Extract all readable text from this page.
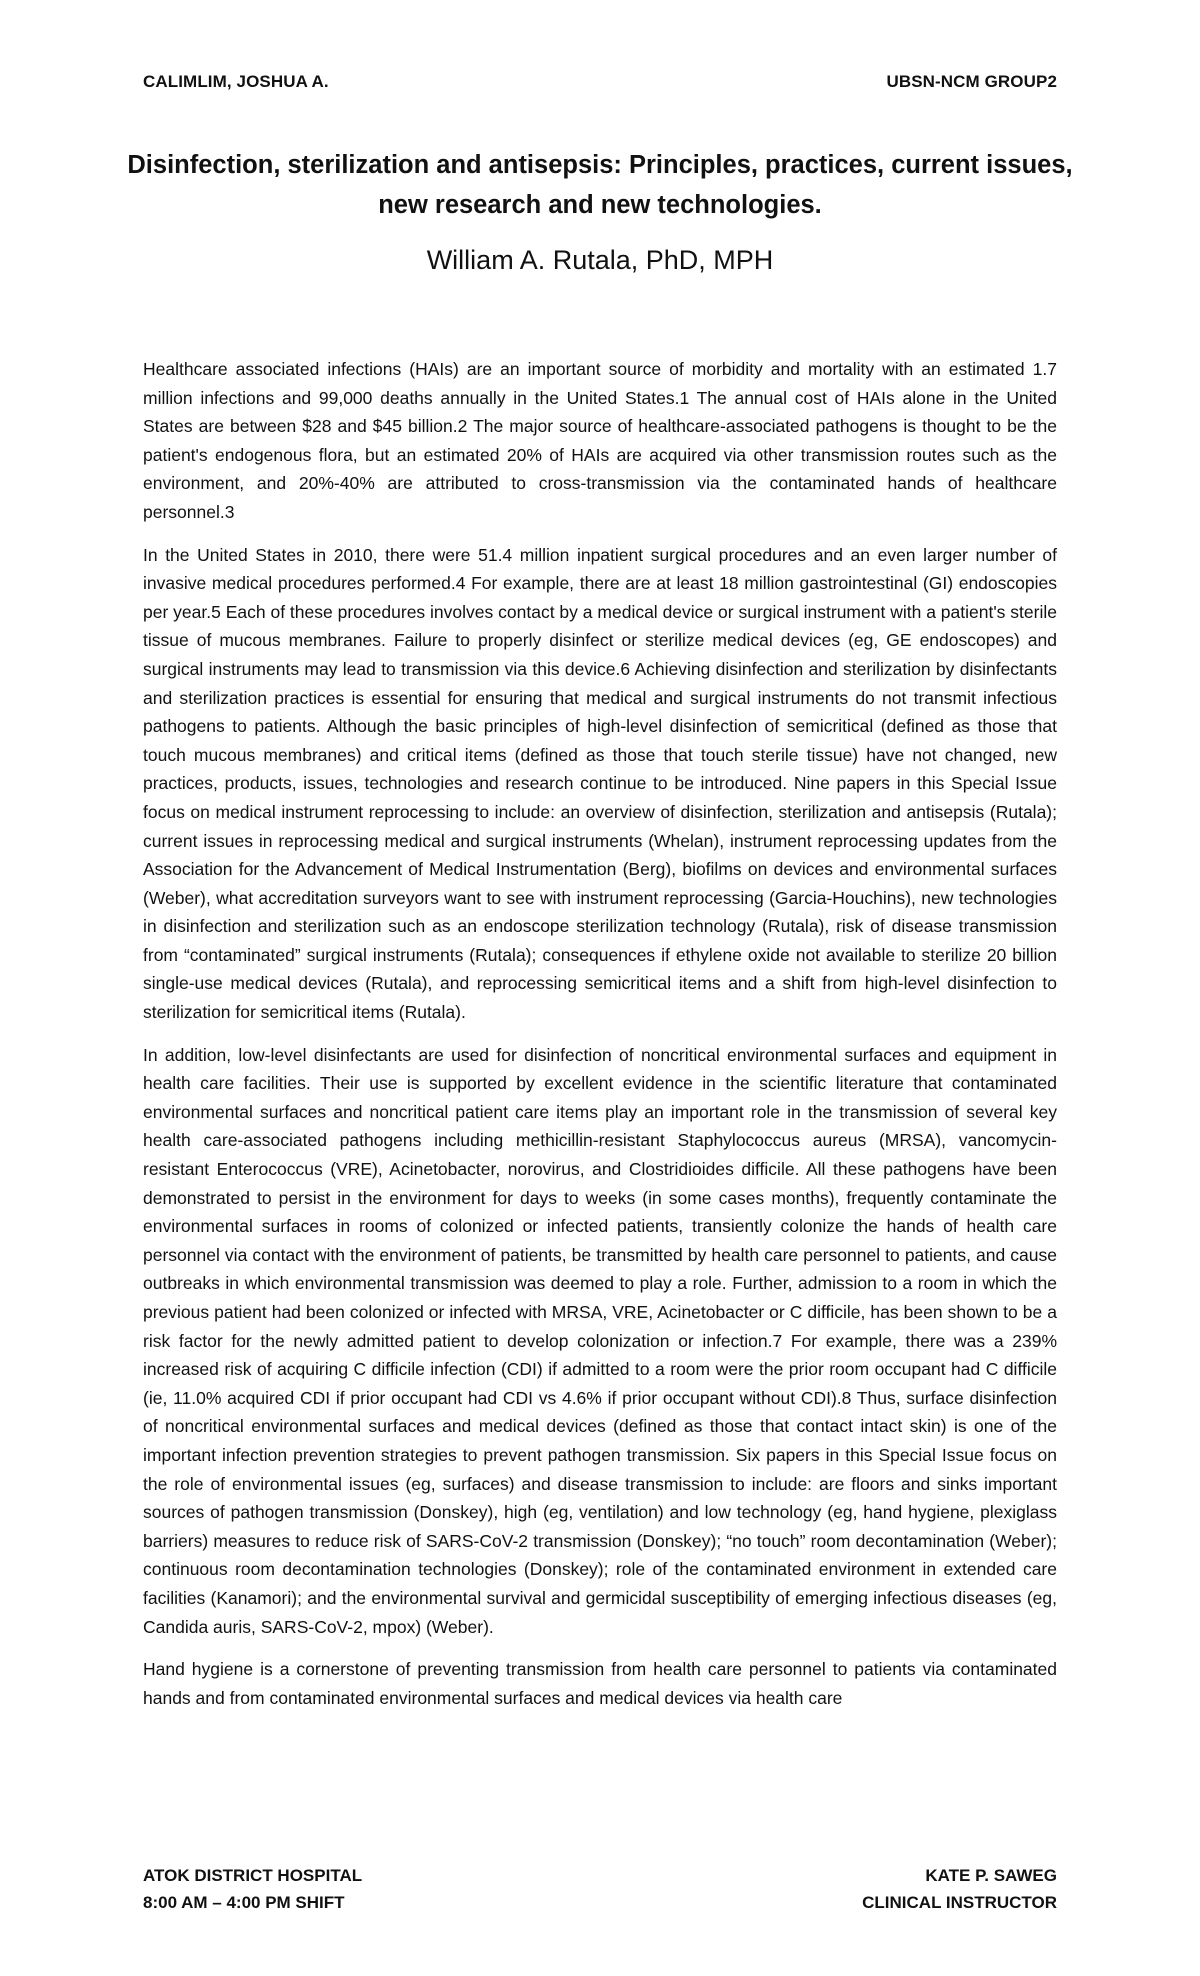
CALIMLIM, JOSHUA A.	UBSN-NCM GROUP2
Disinfection, sterilization and antisepsis: Principles, practices, current issues, new research and new technologies.
William A. Rutala, PhD, MPH

Healthcare associated infections (HAIs) are an important source of morbidity and mortality with an estimated 1.7 million infections and 99,000 deaths annually in the United States.1 The annual cost of HAIs alone in the United States are between $28 and $45 billion.2 The major source of healthcare-associated pathogens is thought to be the patient's endogenous flora, but an estimated 20% of HAIs are acquired via other transmission routes such as the environment, and 20%-40% are attributed to cross-transmission via the contaminated hands of healthcare personnel.3

In the United States in 2010, there were 51.4 million inpatient surgical procedures and an even larger number of invasive medical procedures performed.4 For example, there are at least 18 million gastrointestinal (GI) endoscopies per year.5 Each of these procedures involves contact by a medical device or surgical instrument with a patient's sterile tissue of mucous membranes. Failure to properly disinfect or sterilize medical devices (eg, GE endoscopes) and surgical instruments may lead to transmission via this device.6 Achieving disinfection and sterilization by disinfectants and sterilization practices is essential for ensuring that medical and surgical instruments do not transmit infectious pathogens to patients. Although the basic principles of high-level disinfection of semicritical (defined as those that touch mucous membranes) and critical items (defined as those that touch sterile tissue) have not changed, new practices, products, issues, technologies and research continue to be introduced. Nine papers in this Special Issue focus on medical instrument reprocessing to include: an overview of disinfection, sterilization and antisepsis (Rutala); current issues in reprocessing medical and surgical instruments (Whelan), instrument reprocessing updates from the Association for the Advancement of Medical Instrumentation (Berg), biofilms on devices and environmental surfaces (Weber), what accreditation surveyors want to see with instrument reprocessing (Garcia-Houchins), new technologies in disinfection and sterilization such as an endoscope sterilization technology (Rutala), risk of disease transmission from “contaminated” surgical instruments (Rutala); consequences if ethylene oxide not available to sterilize 20 billion single-use medical devices (Rutala), and reprocessing semicritical items and a shift from high-level disinfection to sterilization for semicritical items (Rutala).

In addition, low-level disinfectants are used for disinfection of noncritical environmental surfaces and equipment in health care facilities. Their use is supported by excellent evidence in the scientific literature that contaminated environmental surfaces and noncritical patient care items play an important role in the transmission of several key health care-associated pathogens including methicillin-resistant Staphylococcus aureus (MRSA), vancomycin-resistant Enterococcus (VRE), Acinetobacter, norovirus, and Clostridioides difficile. All these pathogens have been demonstrated to persist in the environment for days to weeks (in some cases months), frequently contaminate the environmental surfaces in rooms of colonized or infected patients, transiently colonize the hands of health care personnel via contact with the environment of patients, be transmitted by health care personnel to patients, and cause outbreaks in which environmental transmission was deemed to play a role. Further, admission to a room in which the previous patient had been colonized or infected with MRSA, VRE, Acinetobacter or C difficile, has been shown to be a risk factor for the newly admitted patient to develop colonization or infection.7 For example, there was a 239% increased risk of acquiring C difficile infection (CDI) if admitted to a room were the prior room occupant had C difficile (ie, 11.0% acquired CDI if prior occupant had CDI vs 4.6% if prior occupant without CDI).8 Thus, surface disinfection of noncritical environmental surfaces and medical devices (defined as those that contact intact skin) is one of the important infection prevention strategies to prevent pathogen transmission. Six papers in this Special Issue focus on the role of environmental issues (eg, surfaces) and disease transmission to include: are floors and sinks important sources of pathogen transmission (Donskey), high (eg, ventilation) and low technology (eg, hand hygiene, plexiglass barriers) measures to reduce risk of SARS-CoV-2 transmission (Donskey); “no touch” room decontamination (Weber); continuous room decontamination technologies (Donskey); role of the contaminated environment in extended care facilities (Kanamori); and the environmental survival and germicidal susceptibility of emerging infectious diseases (eg, Candida auris, SARS-CoV-2, mpox) (Weber).

Hand hygiene is a cornerstone of preventing transmission from health care personnel to patients via contaminated hands and from contaminated environmental surfaces and medical devices via health care

ATOK DISTRICT HOSPITAL
8:00 AM – 4:00 PM SHIFT
KATE P. SAWEG
CLINICAL INSTRUCTOR
